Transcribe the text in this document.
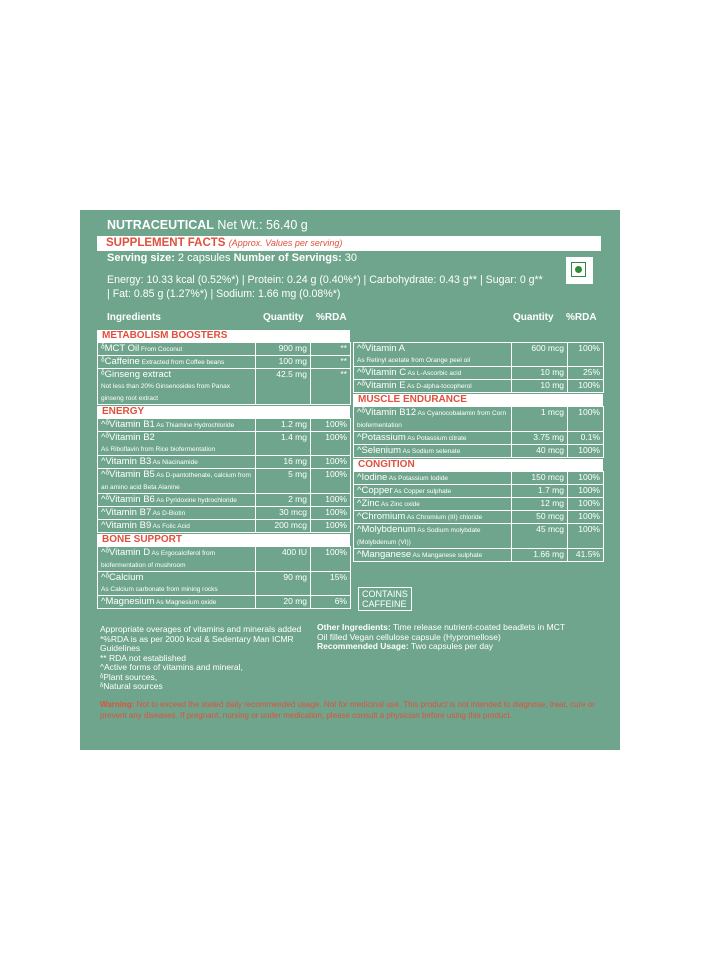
NUTRACEUTICAL Net Wt.: 56.40 g
SUPPLEMENT FACTS (Approx. Values per serving)
Serving size: 2 capsules Number of Servings: 30
Energy: 10.33 kcal (0.52%*) | Protein: 0.24 g (0.40%*) | Carbohydrate: 0.43 g** | Sugar: 0 g** | Fat: 0.85 g (1.27%*) | Sodium: 1.66 mg (0.08%*)
Ingredients	Quantity %RDA	Quantity %RDA
METABOLISM BOOSTERS
ᵟMCT Oil From Coconut	900 mg	**
ᵟCaffeine Extracted from Coffee beans	100 mg	**
ᵟGinseng extract
Not less than 20% Ginsenosides from Panax ginseng root extract	42.5 mg	**
ENERGY
^ᵟVitamin B1 As Thiamine Hydrochloride	1.2 mg	100%
^ᵟVitamin B2
As Riboflavin from Rice biofermentation	1.4 mg	100%
^Vitamin B3 As Niacinamide	16 mg	100%
^ᵟVitamin B5 As D-pantothenate, calcium from an amino acid Beta Alanine	5 mg	100%
^ᵟVitamin B6 As Pyridoxine hydrochloride	2 mg	100%
^Vitamin B7 As D-Biotin	30 mcg	100%
^Vitamin B9 As Folic Acid	200 mcg	100%
BONE SUPPORT
^ᵟVitamin D As Ergocalciferol from biofermentation of mushroom	400 IU	100%
^ᵟCalcium
As Calcium carbonate from mining rocks	90 mg	15%
^Magnesium As Magnesium oxide	20 mg	6%
^ᵟVitamin A
As Retinyl acetate from Orange peel oil	600 mcg	100%
^ᵟVitamin C As L-Ascorbic acid	10 mg	25%
^ᵟVitamin E As D-alpha-tocopherol	10 mg	100%
MUSCLE ENDURANCE
^ᵟVitamin B12 As Cyanocobalamin from Corn biofermentation	1 mcg	100%
^Potassium As Potassium citrate	3.75 mg	0.1%
^Selenium As Sodium selenate	40 mcg	100%
CONGITION
^Iodine As Potassium Iodide	150 mcg	100%
^Copper As Copper sulphate	1.7 mg	100%
^Zinc As Zinc oxide	12 mg	100%
^Chromium As Chromium (III) chloride	50 mcg	100%
^Molybdenum As Sodium molybdate (Molybdenum (VI))	45 mcg	100%
^Manganese As Manganese sulphate	1.66 mg	41.5%
CONTAINS
CAFFEINE
Appropriate overages of vitamins and minerals added
*%RDA is as per 2000 kcal & Sedentary Man ICMR Guidelines
** RDA not established
^Active forms of vitamins and mineral,
ᵟPlant sources,
ᵟNatural sources
Other Ingredients: Time release nutrient-coated beadlets in MCT Oil filled Vegan cellulose capsule (Hypromellose)
Recommended Usage: Two capsules per day
Warning: Not to exceed the stated daily recommended usage. Not for medicinal use. This product is not intended to diagnose, treat, cure or prevent any diseases. If pregnant, nursing or under medication, please consult a physician before using this product.
